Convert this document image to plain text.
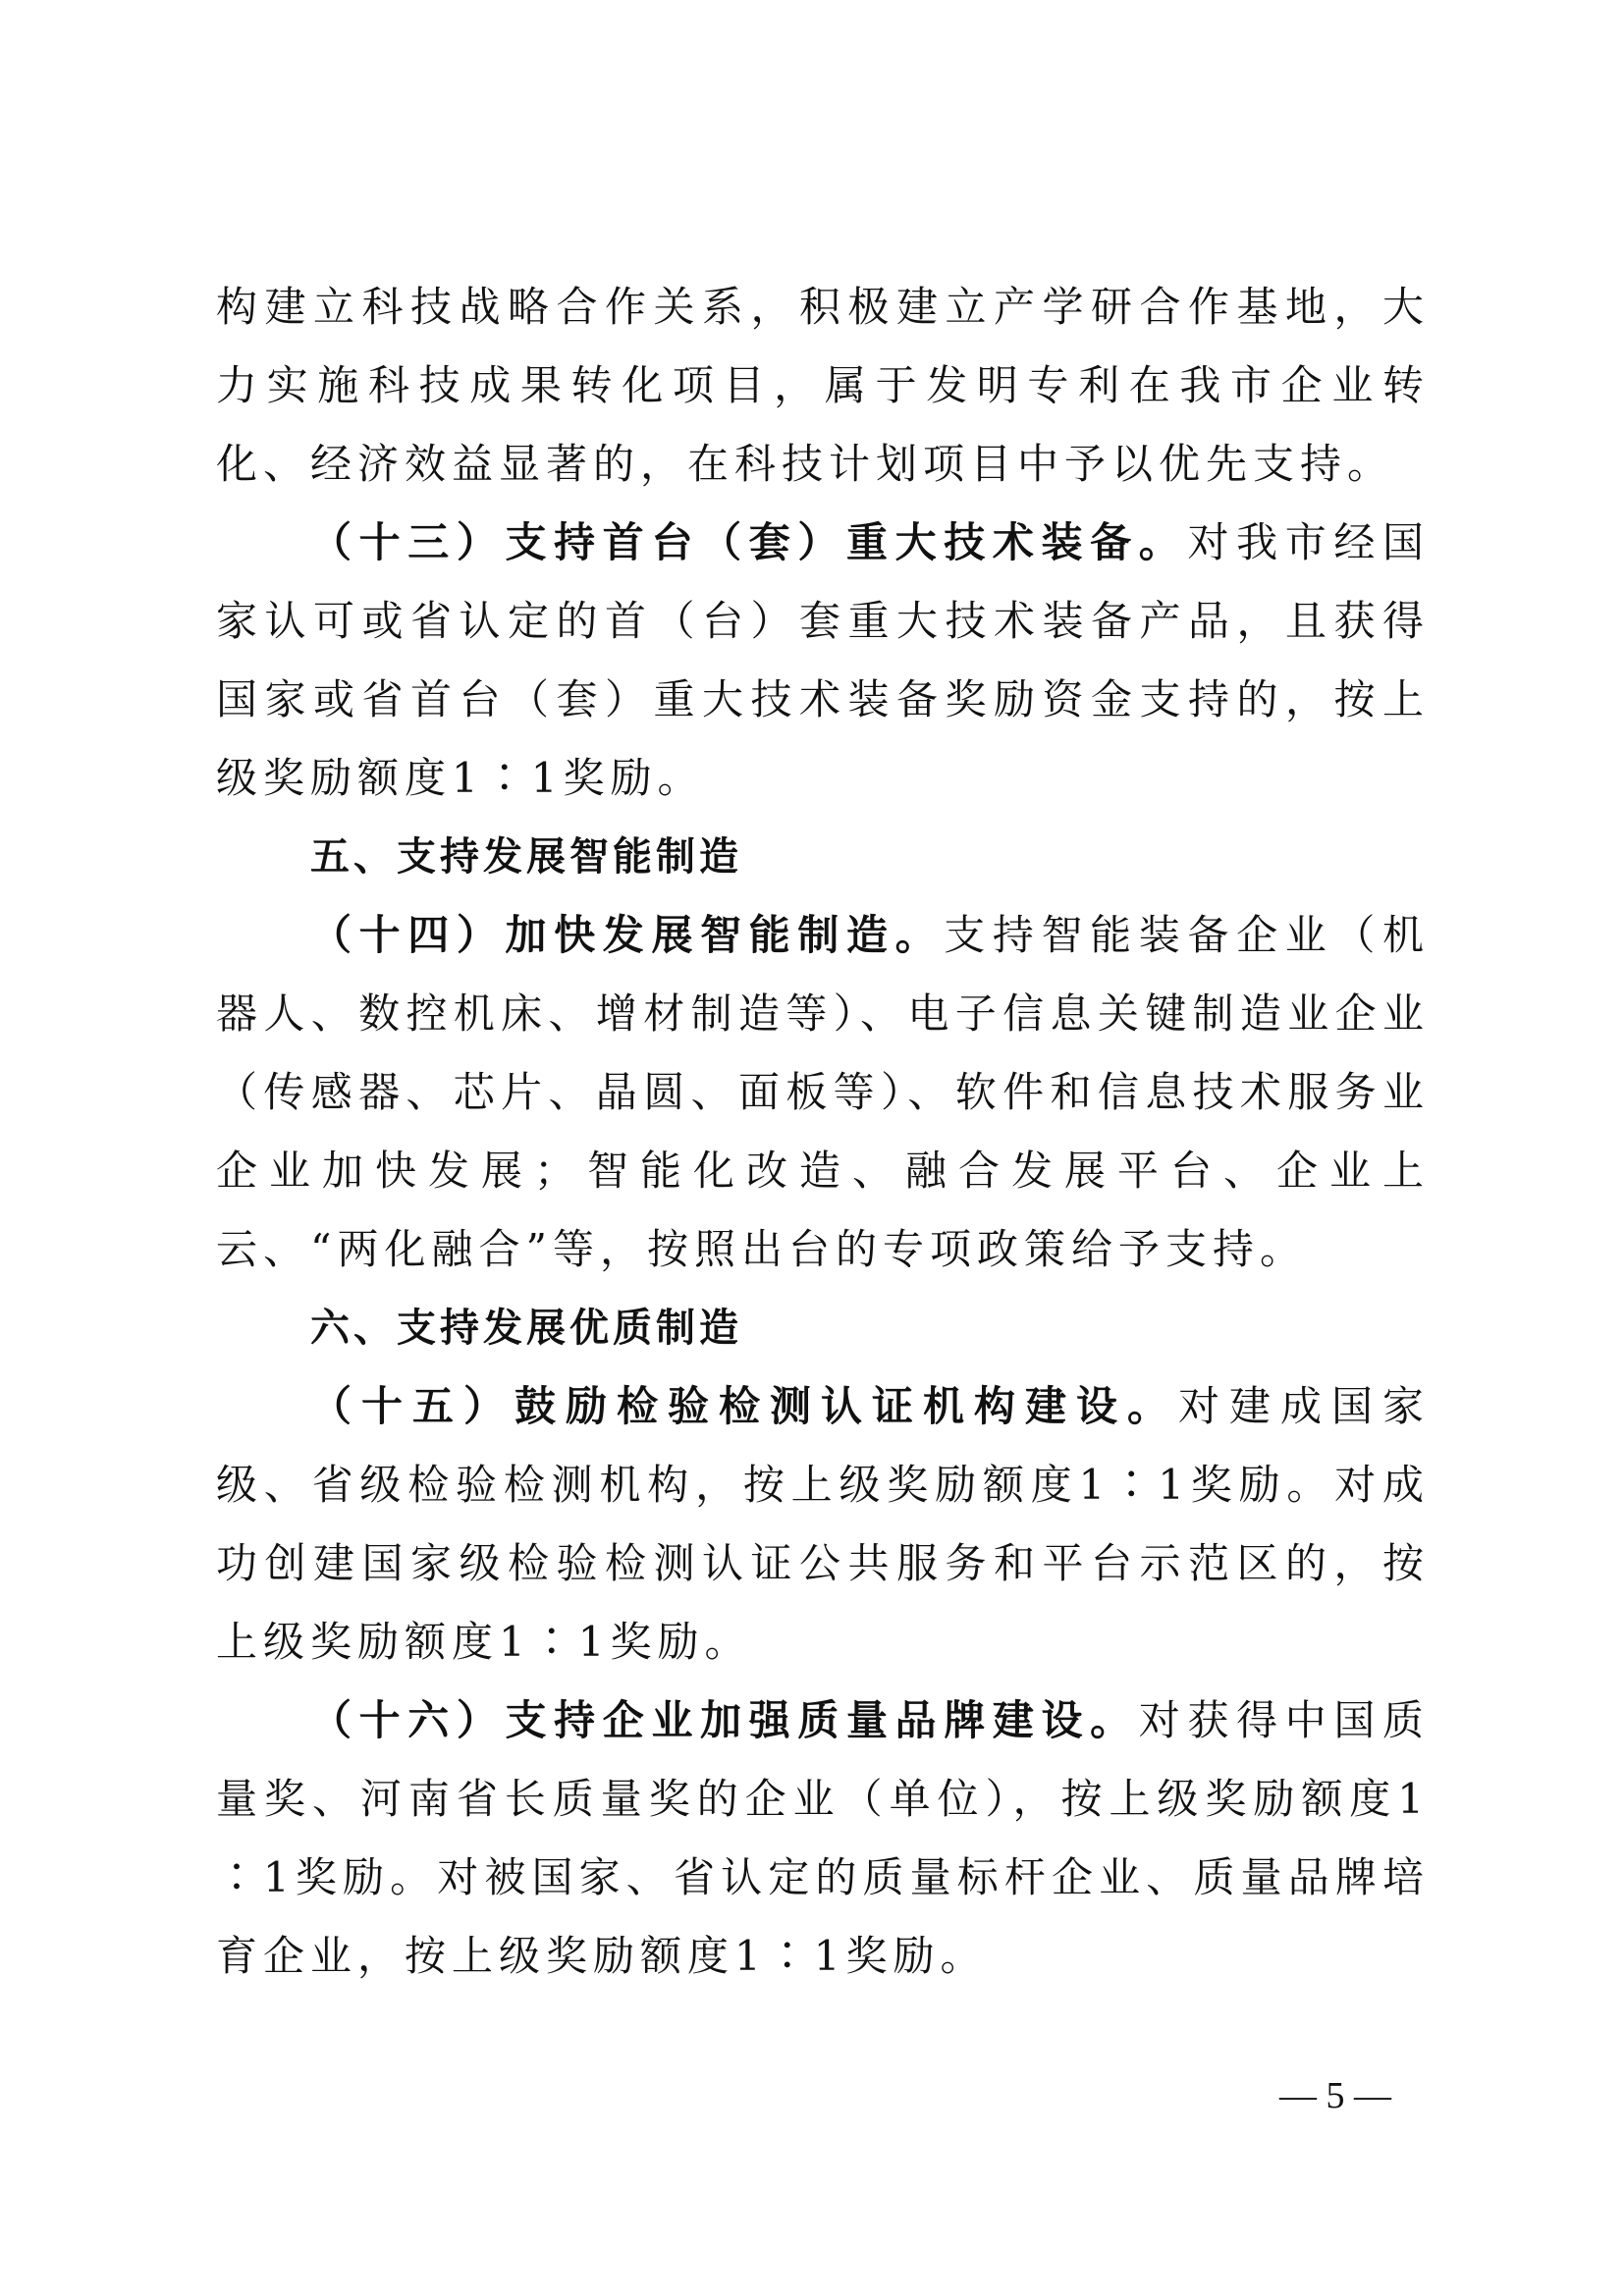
构建立科技战略合作关系，积极建立产学研合作基地，大力实施科技成果转化项目，属于发明专利在我市企业转化、经济效益显著的，在科技计划项目中予以优先支持。

（十三）支持首台（套）重大技术装备。对我市经国家认可或省认定的首（台）套重大技术装备产品，且获得国家或省首台（套）重大技术装备奖励资金支持的，按上级奖励额度1∶1奖励。

五、支持发展智能制造

（十四）加快发展智能制造。支持智能装备企业（机器人、数控机床、增材制造等）、电子信息关键制造业企业（传感器、芯片、晶圆、面板等）、软件和信息技术服务业企业加快发展；智能化改造、融合发展平台、企业上云、“两化融合”等，按照出台的专项政策给予支持。

六、支持发展优质制造

（十五）鼓励检验检测认证机构建设。对建成国家级、省级检验检测机构，按上级奖励额度1∶1奖励。对成功创建国家级检验检测认证公共服务和平台示范区的，按上级奖励额度1∶1奖励。

（十六）支持企业加强质量品牌建设。对获得中国质量奖、河南省长质量奖的企业（单位），按上级奖励额度1∶1奖励。对被国家、省认定的质量标杆企业、质量品牌培育企业，按上级奖励额度1∶1奖励。

— 5 —
